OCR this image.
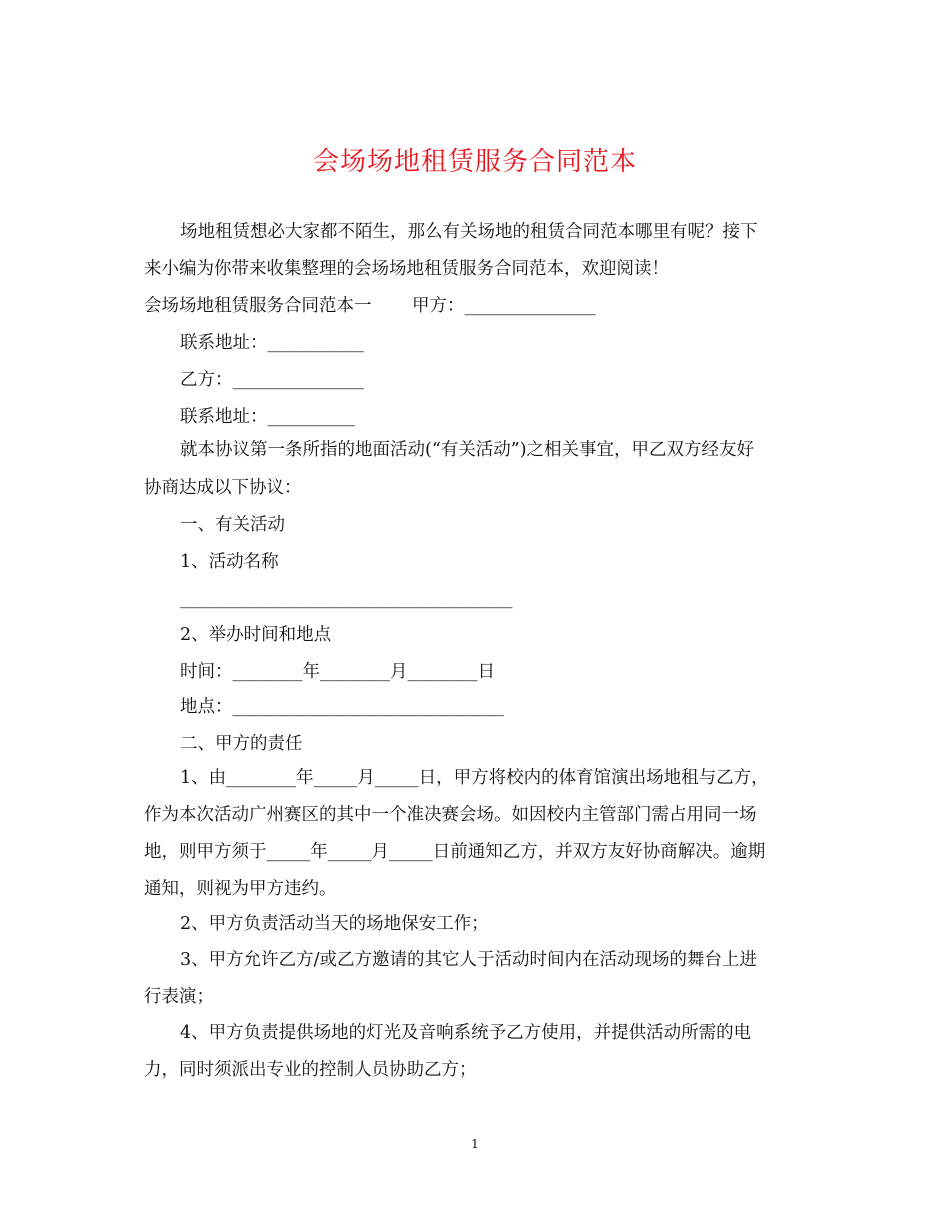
会场场地租赁服务合同范本
场地租赁想必大家都不陌生，那么有关场地的租赁合同范本哪里有呢？接下
来小编为你带来收集整理的会场场地租赁服务合同范本，欢迎阅读！
会场场地租赁服务合同范本一　　 甲方：_______________
联系地址：___________
乙方：_______________
联系地址：__________
就本协议第一条所指的地面活动(“有关活动”)之相关事宜，甲乙双方经友好
协商达成以下协议：
一、有关活动
1、活动名称
______________________________________
2、举办时间和地点
时间：________年________月________日
地点：_______________________________
二、甲方的责任
1、由________年_____月_____日，甲方将校内的体育馆演出场地租与乙方，
作为本次活动广州赛区的其中一个准决赛会场。如因校内主管部门需占用同一场
地，则甲方须于_____年_____月_____日前通知乙方，并双方友好协商解决。逾期
通知，则视为甲方违约。
2、甲方负责活动当天的场地保安工作；
3、甲方允许乙方/或乙方邀请的其它人于活动时间内在活动现场的舞台上进
行表演；
4、甲方负责提供场地的灯光及音响系统予乙方使用，并提供活动所需的电
力，同时须派出专业的控制人员协助乙方；
1
